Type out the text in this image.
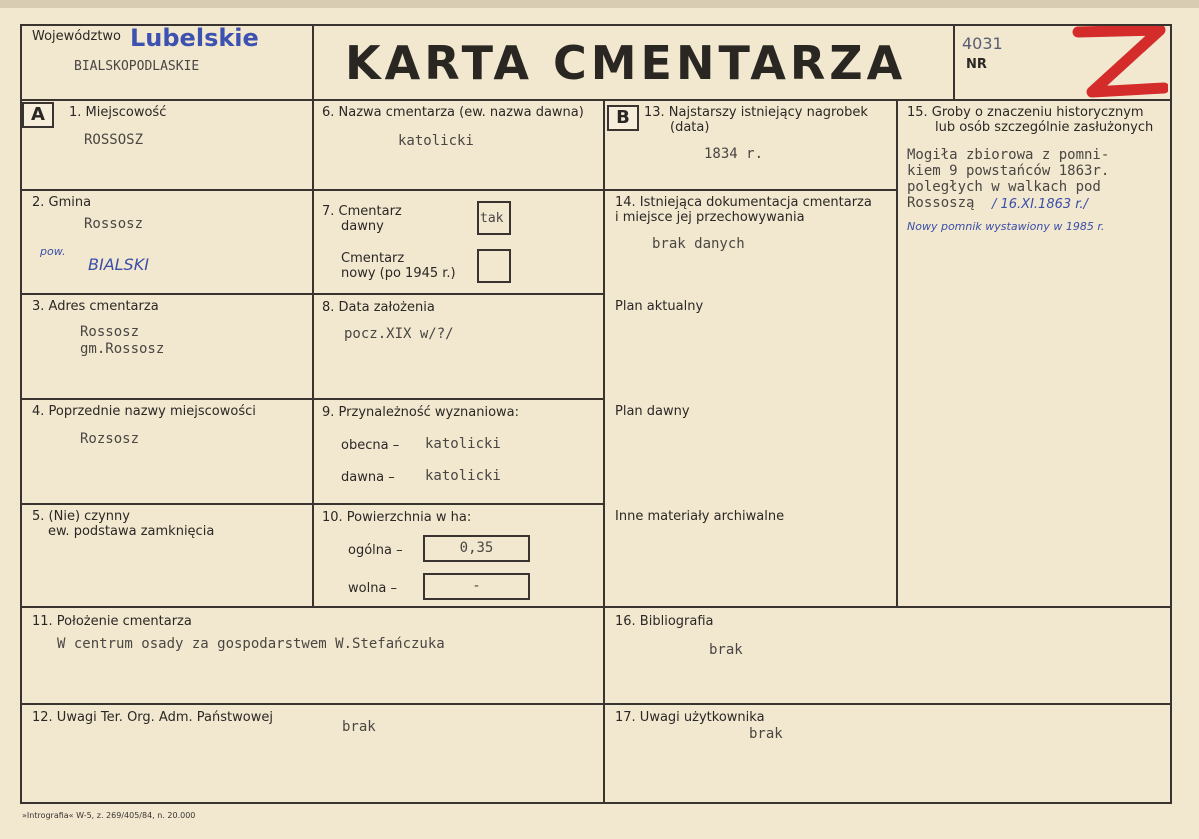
Województwo Lubelskie
BIALSKOPODLASKIE	KARTA CMENTARZA	4031
NR
A	1. Miejscowość
ROSSOSZ
2. Gmina
Rossosz
pow.
BIALSKI
3. Adres cmentarza
Rossosz
gm.Rossosz
4. Poprzednie nazwy miejscowości
Rozsosz
5. (Nie) czynny
ew. podstawa zamknięcia
6. Nazwa cmentarza (ew. nazwa dawna)
katolicki
7. Cmentarz
dawny
tak
Cmentarz
nowy (po 1945 r.)
8. Data założenia
pocz.XIX w/?/
9. Przynależność wyznaniowa:
obecna – katolicki
dawna – katolicki
10. Powierzchnia w ha:
ogólna –	0,35
wolna –	-
B	13. Najstarszy istniejący nagrobek
(data)
1834 r.
14. Istniejąca dokumentacja cmentarza
i miejsce jej przechowywania
brak danych
Plan aktualny
Plan dawny
Inne materiały archiwalne
15. Groby o znaczeniu historycznym
lub osób szczególnie zasłużonych
Mogiła zbiorowa z pomni-
kiem 9 powstańców 1863r.
poległych w walkach pod
Rossoszą / 16.XI.1863 r./
Nowy pomnik wystawiony w 1985 r.
11. Położenie cmentarza
W centrum osady za gospodarstwem W.Stefańczuka
16. Bibliografia
brak
12. Uwagi Ter. Org. Adm. Państwowej
brak
17. Uwagi użytkownika
brak
»Intrografia« W-5, z. 269/405/84, n. 20.000
